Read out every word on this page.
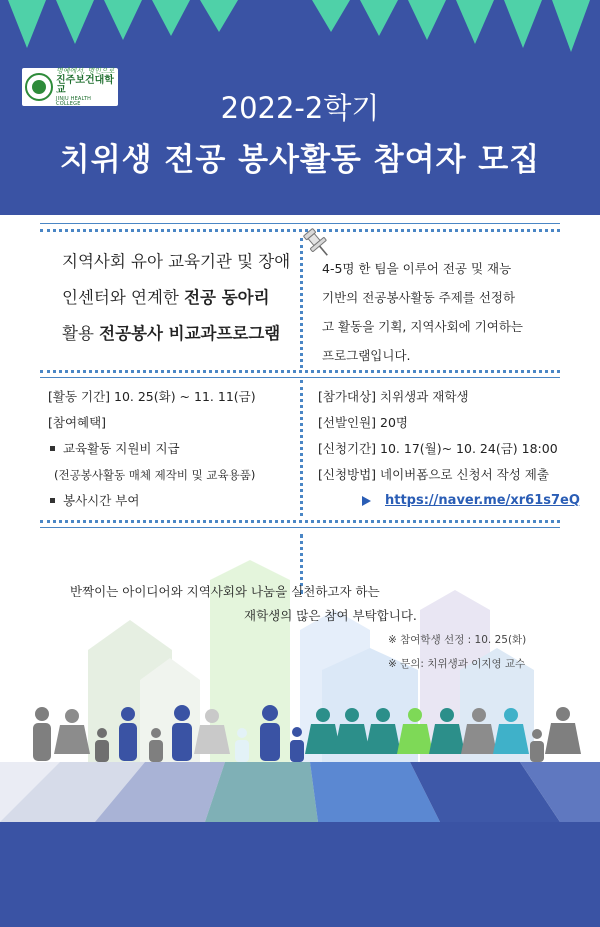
명예에서, 명인으로
진주보건대학교
JINJU HEALTH COLLEGE	2022-2학기
치위생 전공 봉사활동 참여자 모집
지역사회 유아 교육기관 및 장애
인센터와 연계한 전공 동아리
활용 전공봉사 비교과프로그램
4-5명 한 팀을 이루어 전공 및 재능
기반의 전공봉사활동 주제를 선정하
고 활동을 기획, 지역사회에 기여하는
프로그램입니다.
[활동 기간] 10. 25(화) ~ 11. 11(금)
[참여혜택]
교육활동 지원비 지급
(전공봉사활동 매체 제작비 및 교육용품)
봉사시간 부여
[참가대상] 치위생과 재학생
[선발인원] 20명
[신청기간] 10. 17(월)~ 10. 24(금) 18:00
[신청방법] 네이버폼으로 신청서 작성 제출
https://naver.me/xr61s7eQ
반짝이는 아이디어와 지역사회와 나눔을 실천하고자 하는
재학생의 많은 참여 부탁합니다.
※ 참여학생 선정 : 10. 25(화)
※ 문의: 치위생과 이지영 교수
